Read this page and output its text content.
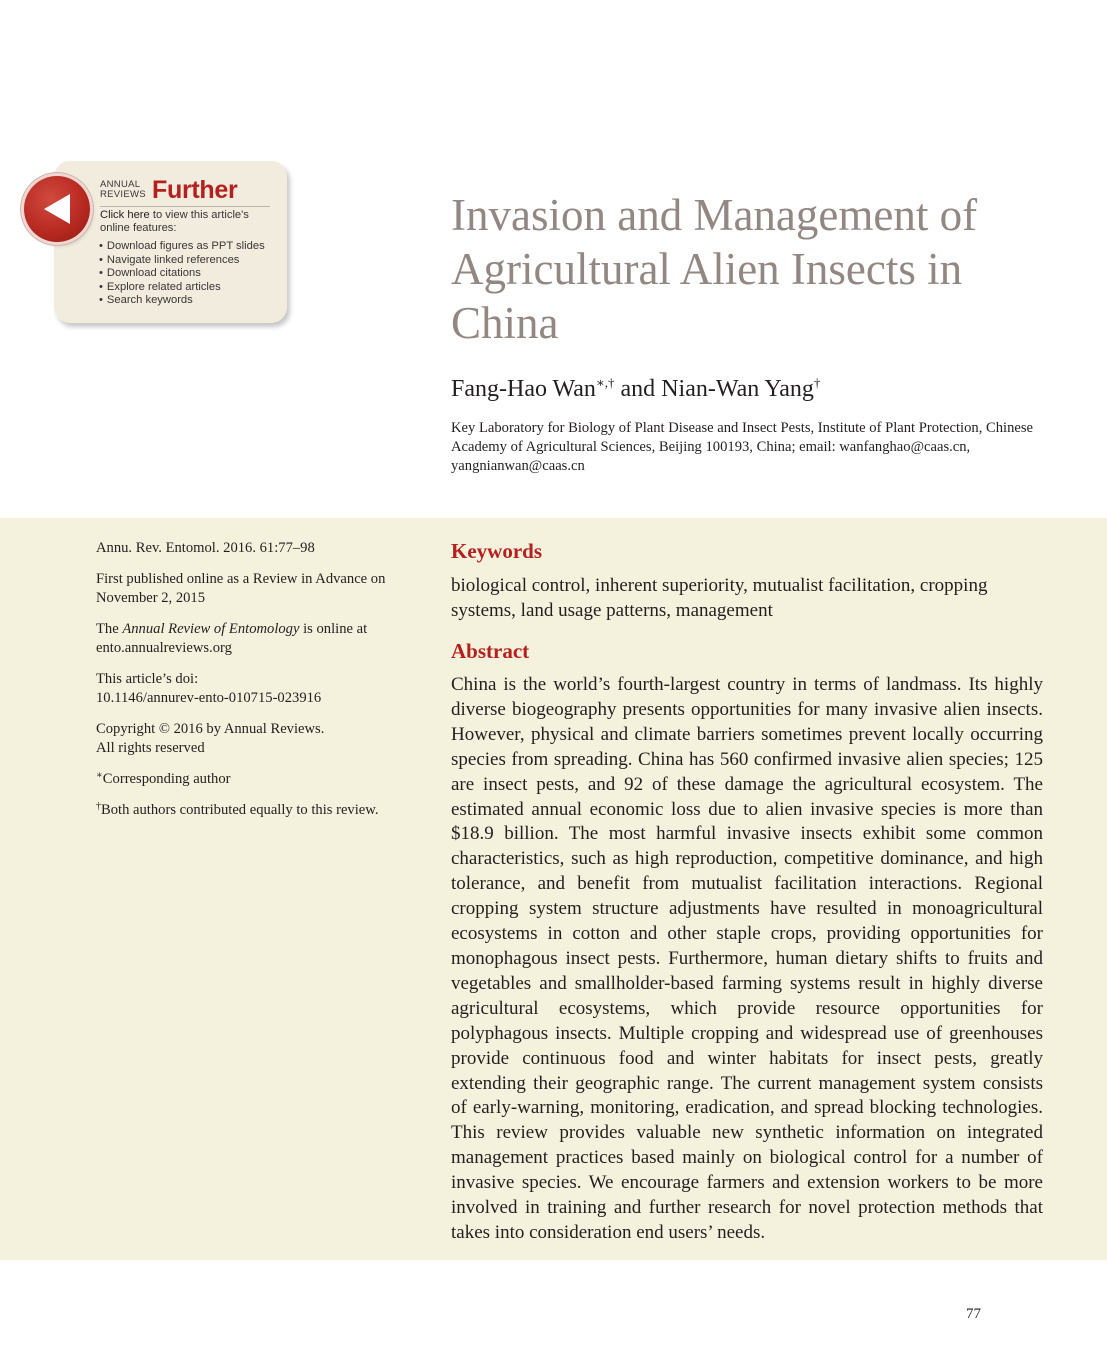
ANNUAL
REVIEWS Further
Click here to view this article's online features:
• Download figures as PPT slides
• Navigate linked references
• Download citations
• Explore related articles
• Search keywords
Invasion and Management of Agricultural Alien Insects in China
Fang-Hao Wan∗,† and Nian-Wan Yang†
Key Laboratory for Biology of Plant Disease and Insect Pests, Institute of Plant Protection, Chinese Academy of Agricultural Sciences, Beijing 100193, China; email: wanfanghao@caas.cn, yangnianwan@caas.cn

Annu. Rev. Entomol. 2016. 61:77–98

First published online as a Review in Advance on November 2, 2015

The Annual Review of Entomology is online at ento.annualreviews.org

This article’s doi:
10.1146/annurev-ento-010715-023916

Copyright © 2016 by Annual Reviews.
All rights reserved

∗Corresponding author

†Both authors contributed equally to this review.

Keywords
biological control, inherent superiority, mutualist facilitation, cropping systems, land usage patterns, management
Abstract

China is the world’s fourth-largest country in terms of landmass. Its highly diverse biogeography presents opportunities for many invasive alien insects. However, physical and climate barriers sometimes prevent locally occurring species from spreading. China has 560 confirmed invasive alien species; 125 are insect pests, and 92 of these damage the agricultural ecosystem. The estimated annual economic loss due to alien invasive species is more than $18.9 billion. The most harmful invasive insects exhibit some common characteristics, such as high reproduction, competitive dominance, and high tolerance, and benefit from mutualist facilitation interactions. Regional cropping system structure adjustments have resulted in monoagricultural ecosystems in cotton and other staple crops, providing opportunities for monophagous insect pests. Furthermore, human dietary shifts to fruits and vegetables and smallholder-based farming systems result in highly diverse agricultural ecosystems, which provide resource opportunities for polyphagous insects. Multiple cropping and widespread use of greenhouses provide continuous food and winter habitats for insect pests, greatly extending their geographic range. The current management system consists of early-warning, monitoring, eradication, and spread blocking technologies. This review provides valuable new synthetic information on integrated management practices based mainly on biological control for a number of invasive species. We encourage farmers and extension workers to be more involved in training and further research for novel protection methods that takes into consideration end users’ needs.

77
